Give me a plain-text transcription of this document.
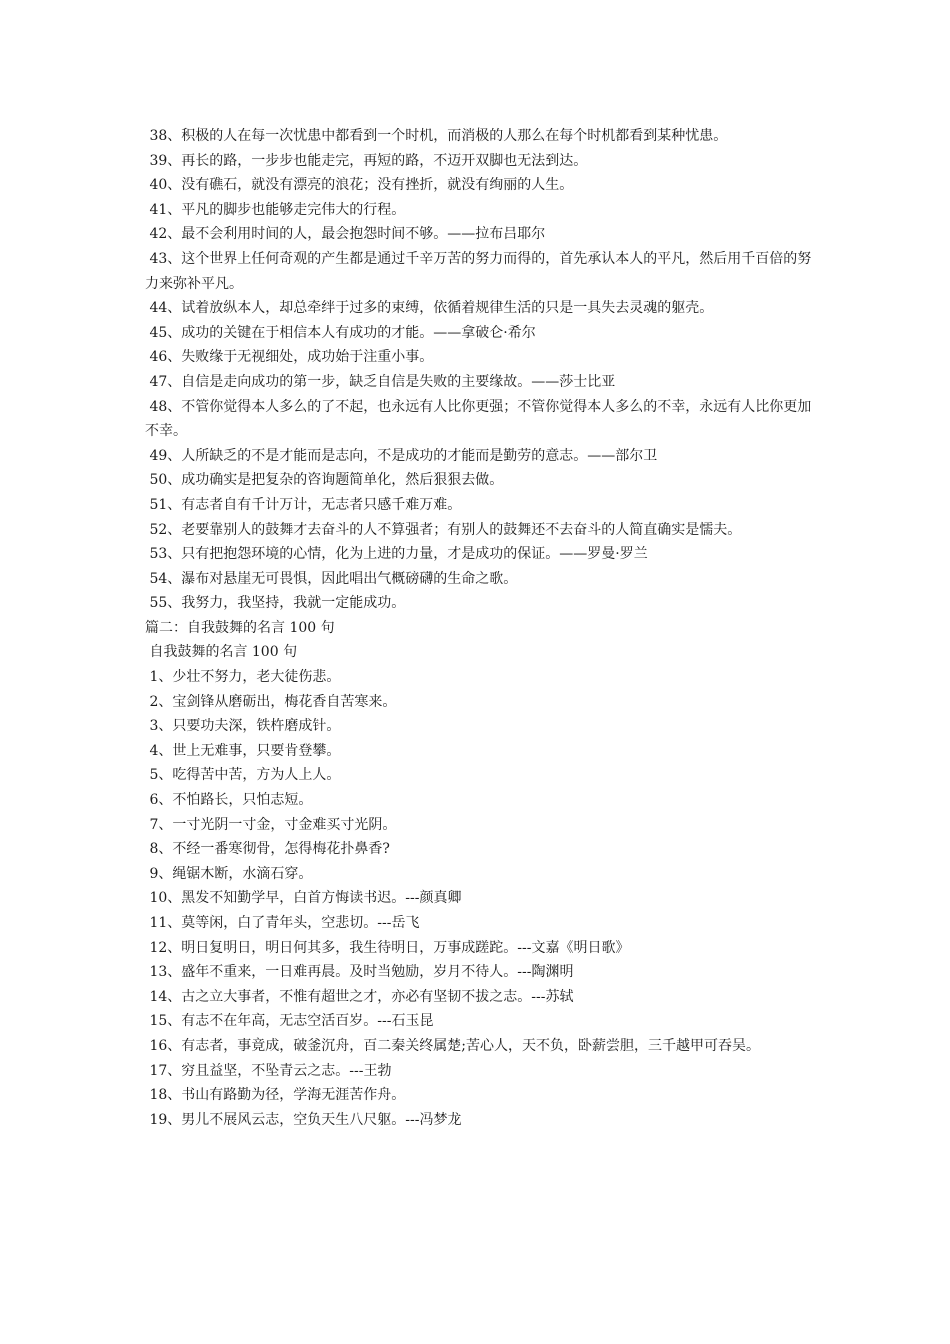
38、积极的人在每一次忧患中都看到一个时机，而消极的人那么在每个时机都看到某种忧患。

39、再长的路，一步步也能走完，再短的路，不迈开双脚也无法到达。

40、没有礁石，就没有漂亮的浪花；没有挫折，就没有绚丽的人生。

41、平凡的脚步也能够走完伟大的行程。

42、最不会利用时间的人，最会抱怨时间不够。——拉布吕耶尔

43、这个世界上任何奇观的产生都是通过千辛万苦的努力而得的，首先承认本人的平凡，然后用千百倍的努力来弥补平凡。

44、试着放纵本人，却总牵绊于过多的束缚，依循着规律生活的只是一具失去灵魂的躯壳。

45、成功的关键在于相信本人有成功的才能。——拿破仑·希尔

46、失败缘于无视细处，成功始于注重小事。

47、自信是走向成功的第一步，缺乏自信是失败的主要缘故。——莎士比亚

48、不管你觉得本人多么的了不起，也永远有人比你更强；不管你觉得本人多么的不幸，永远有人比你更加不幸。

49、人所缺乏的不是才能而是志向，不是成功的才能而是勤劳的意志。——部尔卫

50、成功确实是把复杂的咨询题简单化，然后狠狠去做。

51、有志者自有千计万计，无志者只感千难万难。

52、老要靠别人的鼓舞才去奋斗的人不算强者；有别人的鼓舞还不去奋斗的人简直确实是懦夫。

53、只有把抱怨环境的心情，化为上进的力量，才是成功的保证。——罗曼·罗兰

54、瀑布对悬崖无可畏惧，因此唱出气概磅礴的生命之歌。

55、我努力，我坚持，我就一定能成功。

篇二：自我鼓舞的名言 100 句

自我鼓舞的名言 100 句

1、少壮不努力，老大徒伤悲。

2、宝剑锋从磨砺出，梅花香自苦寒来。

3、只要功夫深，铁杵磨成针。

4、世上无难事，只要肯登攀。

5、吃得苦中苦，方为人上人。

6、不怕路长，只怕志短。

7、一寸光阴一寸金，寸金难买寸光阴。

8、不经一番寒彻骨，怎得梅花扑鼻香?

9、绳锯木断，水滴石穿。

10、黑发不知勤学早，白首方悔读书迟。---颜真卿

11、莫等闲，白了青年头，空悲切。---岳飞

12、明日复明日，明日何其多，我生待明日，万事成蹉跎。---文嘉《明日歌》

13、盛年不重来，一日难再晨。及时当勉励，岁月不待人。---陶渊明

14、古之立大事者，不惟有超世之才，亦必有坚韧不拔之志。---苏轼

15、有志不在年高，无志空活百岁。---石玉昆

16、有志者，事竟成，破釜沉舟，百二秦关终属楚;苦心人，天不负，卧薪尝胆，三千越甲可吞吴。

17、穷且益坚，不坠青云之志。---王勃

18、书山有路勤为径，学海无涯苦作舟。

19、男儿不展风云志，空负天生八尺躯。---冯梦龙
